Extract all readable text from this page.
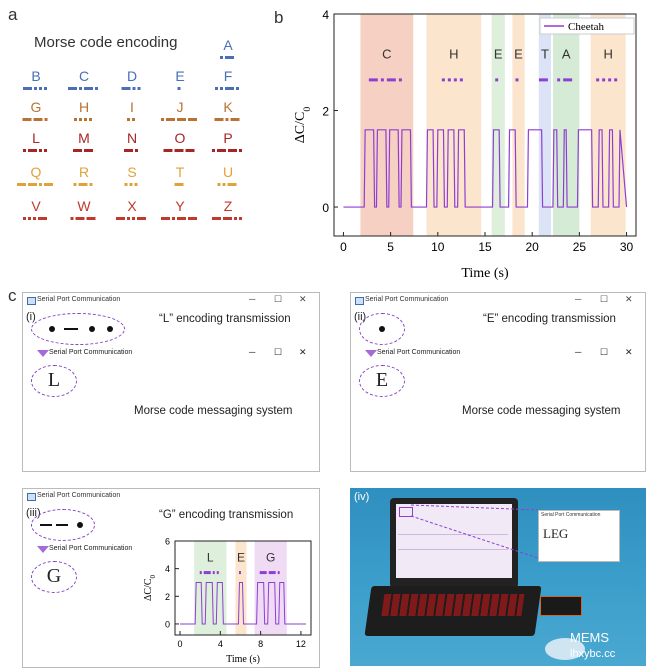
a	b
c
Morse code encoding	A
B	C	D	E	F
G	H	I	J	K
L	M	N	O	P
Q	R	S	T	U
V	W	X	Y	Z
C	H	E E T A	H
0	5	10	15	20	25	30
0
2
4
Time (s)
$\Delta C/C_0$
Cheetah
Serial Port Communication	─ ☐ ✕
(i)	“L” encoding transmission
Serial Port Communication	─ ☐ ✕
L
Morse code messaging system
Serial Port Communication	─ ☐ ✕
(ii)	“E” encoding transmission
Serial Port Communication	─ ☐ ✕
E
Morse code messaging system
Serial Port Communication
(iii)	“G” encoding transmission
Serial Port Communication
G
L E G
0	4	8	12
0
2
4
6
Time (s)
$\Delta C/C_0$
(iv)
Serial Port Communication
LEG
MEMS
lhxybc.cc
